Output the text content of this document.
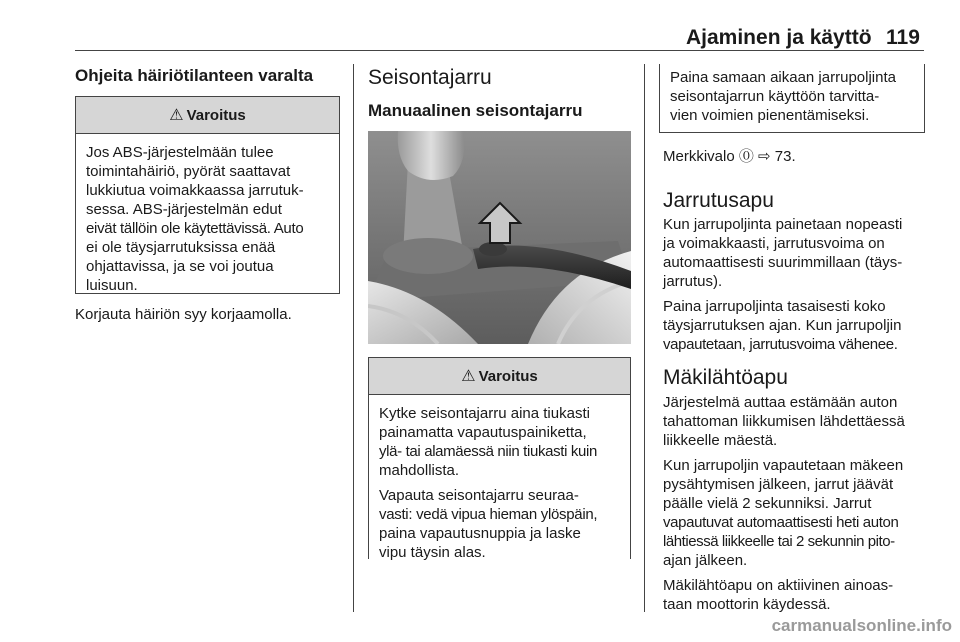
Ajaminen ja käyttö 119
Ohjeita häiriötilanteen varalta
⚠ Varoitus
Jos ABS-järjestelmään tulee
toimintahäiriö, pyörät saattavat
lukkiutua voimakkaassa jarrutuk-
sessa. ABS-järjestelmän edut
eivät tällöin ole käytettävissä. Auto
ei ole täysjarrutuksissa enää
ohjattavissa, ja se voi joutua
luisuun.
Korjauta häiriön syy korjaamolla.
Seisontajarru
Manuaalinen seisontajarru
⚠ Varoitus
Kytke seisontajarru aina tiukasti
painamatta vapautuspainiketta,
ylä- tai alamäessä niin tiukasti kuin
mahdollista.
Vapauta seisontajarru seuraa-
vasti: vedä vipua hieman ylöspäin,
paina vapautusnuppia ja laske
vipu täysin alas.
Paina samaan aikaan jarrupoljinta
seisontajarrun käyttöön tarvitta-
vien voimien pienentämiseksi.
Merkkivalo ⓪ ⇨ 73.
Jarrutusapu
Kun jarrupoljinta painetaan nopeasti
ja voimakkaasti, jarrutusvoima on
automaattisesti suurimmillaan (täys-
jarrutus).
Paina jarrupoljinta tasaisesti koko
täysjarrutuksen ajan. Kun jarrupoljin
vapautetaan, jarrutusvoima vähenee.
Mäkilähtöapu
Järjestelmä auttaa estämään auton
tahattoman liikkumisen lähdettäessä
liikkeelle mäestä.
Kun jarrupoljin vapautetaan mäkeen
pysähtymisen jälkeen, jarrut jäävät
päälle vielä 2 sekunniksi. Jarrut
vapautuvat automaattisesti heti auton
lähtiessä liikkeelle tai 2 sekunnin pito-
ajan jälkeen.
Mäkilähtöapu on aktiivinen ainoas-
taan moottorin käydessä.
carmanualsonline.info
